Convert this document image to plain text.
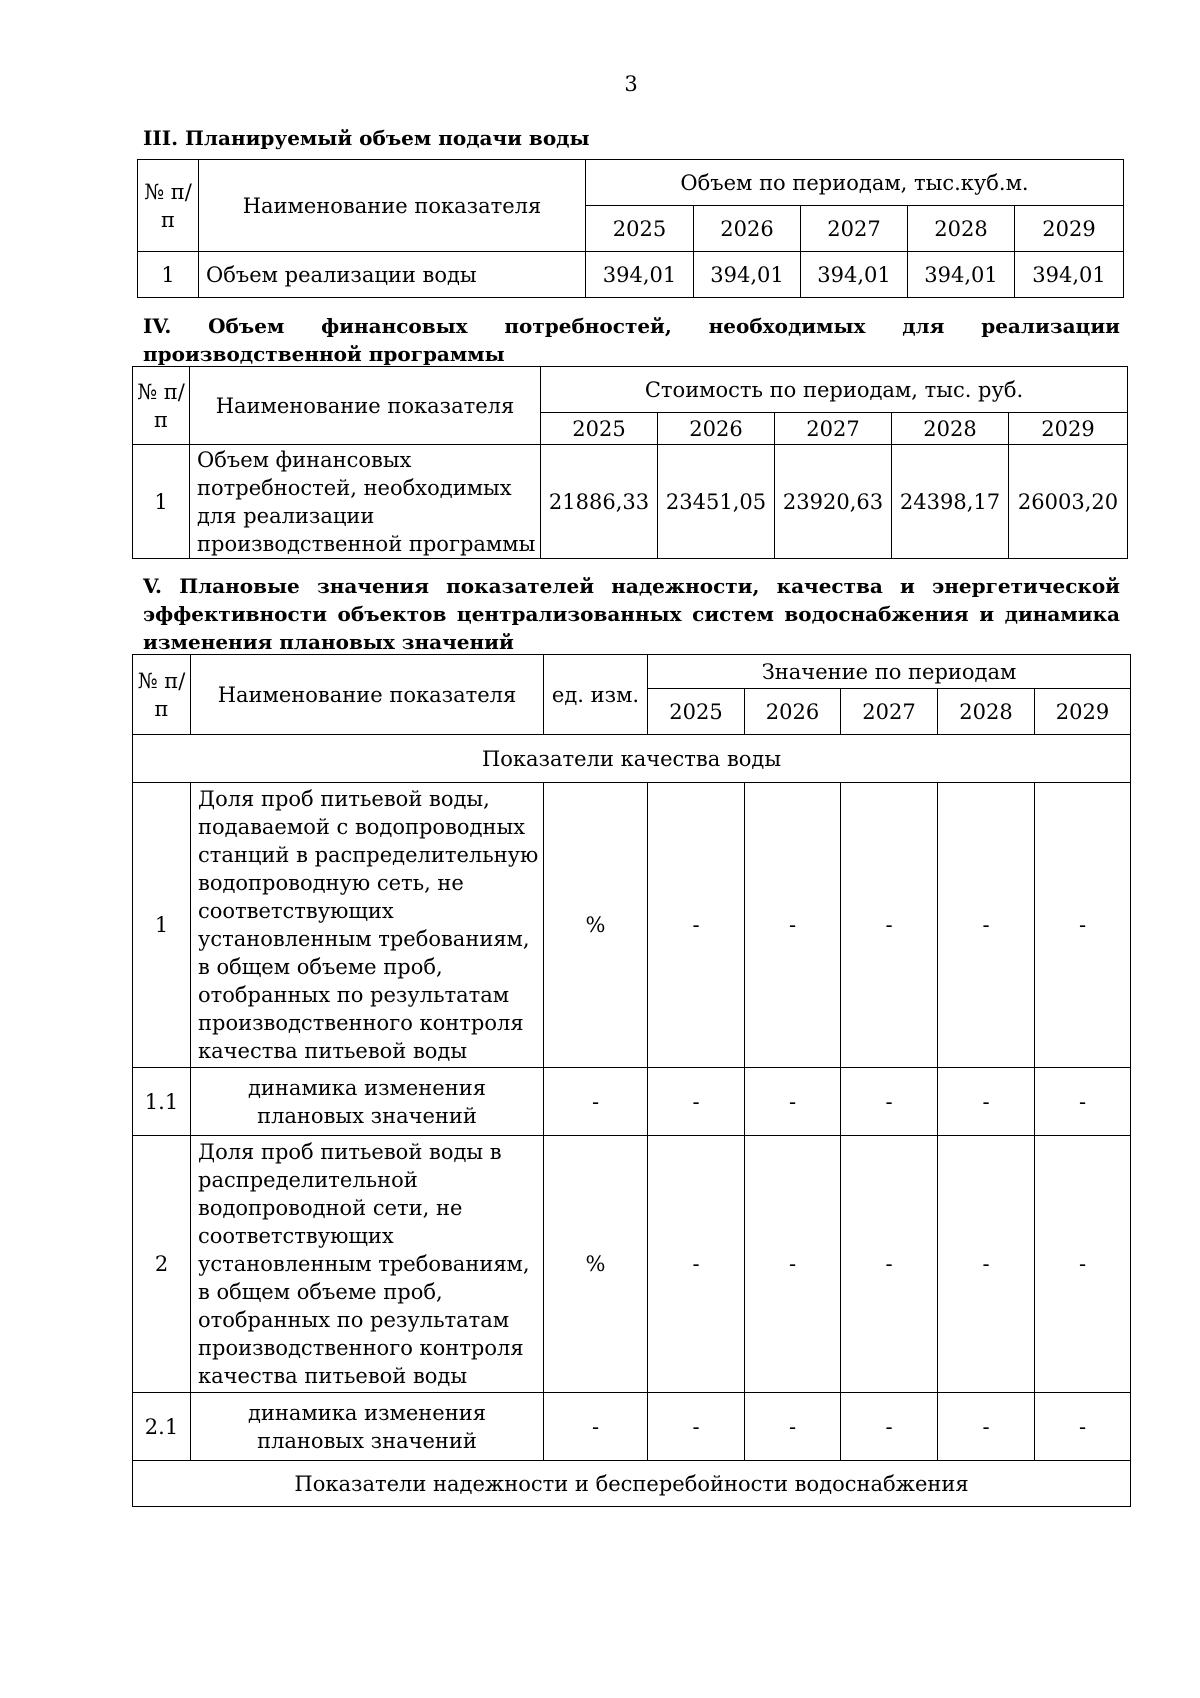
3
III. Планируемый объем подачи воды
№ п/п	Наименование показателя	Объем по периодам, тыс.куб.м.				
		2025	2026	2027	2028	2029
1	Объем реализации воды	394,01	394,01	394,01	394,01	394,01
IV. Объем финансовых потребностей, необходимых для реализации производственной программы
№ п/п	Наименование показателя	Стоимость по периодам, тыс. руб.				
		2025	2026	2027	2028	2029
1	Объем финансовых потребностей, необходимых для реализации производственной программы	21886,33	23451,05	23920,63	24398,17	26003,20
V. Плановые значения показателей надежности, качества и энергетической эффективности объектов централизованных систем водоснабжения и динамика изменения плановых значений
№ п/п	Наименование показателя	ед. изм.	Значение по периодам				
			2025	2026	2027	2028	2029
Показатели качества воды							
1	Доля проб питьевой воды, подаваемой с водопроводных станций в распределительную водопроводную сеть, не соответствующих установленным требованиям, в общем объеме проб, отобранных по результатам производственного контроля качества питьевой воды	%	-	-	-	-	-
1.1	динамика изменения плановых значений	-	-	-	-	-	-
2	Доля проб питьевой воды в распределительной водопроводной сети, не соответствующих установленным требованиям, в общем объеме проб, отобранных по результатам производственного контроля качества питьевой воды	%	-	-	-	-	-
2.1	динамика изменения плановых значений	-	-	-	-	-	-
Показатели надежности и бесперебойности водоснабжения							
